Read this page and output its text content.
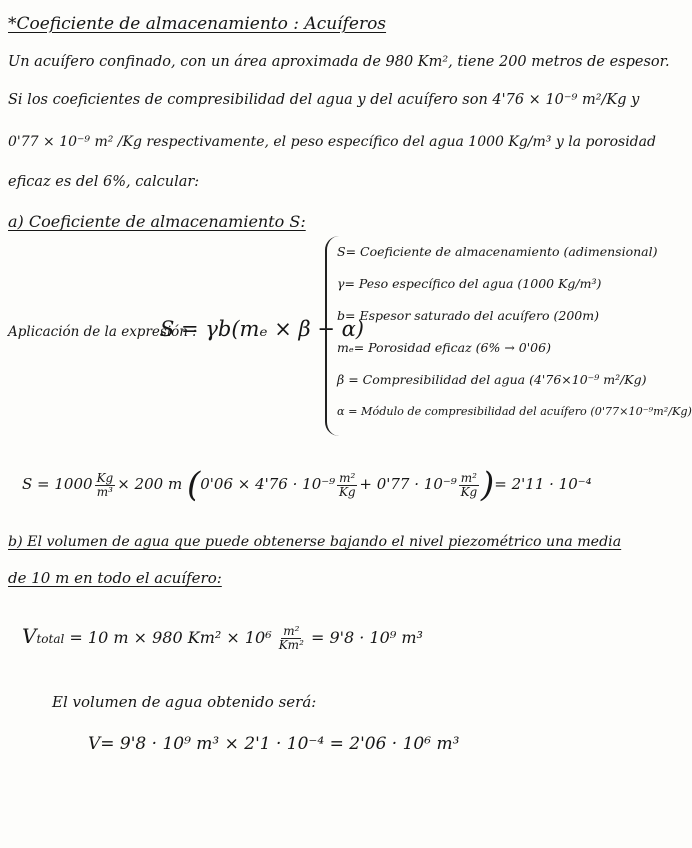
*Coeficiente de almacenamiento : Acuíferos
Un acuífero confinado, con un área aproximada de 980 Km², tiene 200 metros de espesor.
Si los coeficientes de compresibilidad del agua y del acuífero son 4'76 × 10⁻⁹ m²/Kg y
0'77 × 10⁻⁹ m² /Kg respectivamente, el peso específico del agua 1000 Kg/m³ y la porosidad
eficaz es del 6%, calcular:
a) Coeficiente de almacenamiento S:
Aplicación de la expresión :
S = γb(mₑ × β + α)
S= Coeficiente de almacenamiento (adimensional)
γ= Peso específico del agua (1000 Kg/m³)
b= Espesor saturado del acuífero (200m)
mₑ= Porosidad eficaz (6% → 0'06)
β = Compresibilidad del agua (4'76×10⁻⁹ m²/Kg)
α = Módulo de compresibilidad del acuífero (0'77×10⁻⁹m²/Kg)
$S = 1000 \frac{Kg}{\text{m³}} \times 200$ m ($0'06 \times 4'76 \cdot 10^{-9} \frac{\text{m²}}{Kg} + 0'77 \cdot 10^{-9} \frac{\text{m²}}{Kg}$ )= 2'11 · 10⁻⁴
b) El volumen de agua que puede obtenerse bajando el nivel piezométrico una media
de 10 m en todo el acuífero:
Vtotal = 10 m × 980 $Km^2 \times 10^6 \frac{\text{m²}}{\text{Km²}} = 9'8 \cdot 10^9$ m³
El volumen de agua obtenido será:
V= 9'8 · 10⁹ m³ × 2'1 · 10⁻⁴ = 2'06 · 10⁶ m³
